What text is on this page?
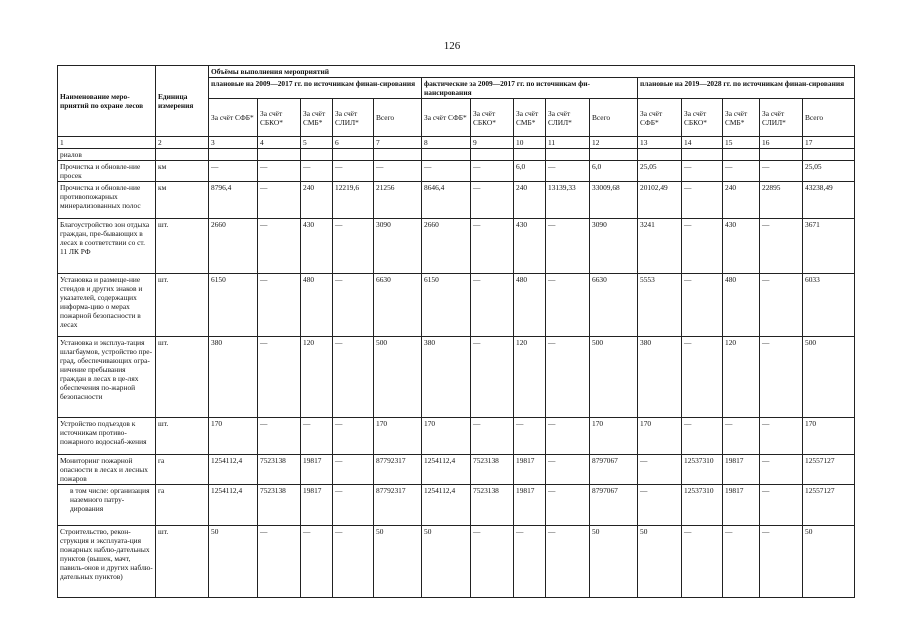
126
Наименование меро-приятий по охране лесов	Единица измерения	Объёмы выполнения мероприятий														
		плановые на 2009—2017 гг. по источникам финан-сирования					фактические за 2009—2017 гг. по источникам фи-нансирования					плановые на 2019—2028 гг. по источникам финан-сирования				
		За счёт СФБ*	За счёт СБКО*	За счёт СМБ*	За счёт СЛИЛ*	Всего	За счёт СФБ*	За счёт СБКО*	За счёт СМБ*	За счёт СЛИЛ*	Всего	За счёт СФБ*	За счёт СБКО*	За счёт СМБ*	За счёт СЛИЛ*	Всего
1	2	3	4	5	6	7	8	9	10	11	12	13	14	15	16	17
риалов																
Прочистка и обновле-ние просек	км	—	—	—	—	—	—	—	6,0	—	6,0	25,05	—	—	—	25,05
Прочистка и обновле-ние противопожарных минерализованных полос	км	8796,4	—	240	12219,6	21256	8646,4	—	240	13139,33	33009,68	20102,49	—	240	22895	43238,49
Благоустройство зон отдыха граждан, пре-бывающих в лесах в соответствии со ст. 11 ЛК РФ	шт.	2660	—	430	—	3090	2660	—	430	—	3090	3241	—	430	—	3671
Установка и размеще-ние стендов и других знаков и указателей, содержащих информа-цию о мерах пожарной безопасности в лесах	шт.	6150	—	480	—	6630	6150	—	480	—	6630	5553	—	480	—	6033
Установка и эксплуа-тация шлагбаумов, устройство пре-град, обеспечивающих огра-ничение пребывания граждан в лесах в це-лях обеспечения по-жарной безопасности	шт.	380	—	120	—	500	380	—	120	—	500	380	—	120	—	500
Устройство подъездов к источникам противо-пожарного водоснаб-жения	шт.	170	—	—	—	170	170	—	—	—	170	170	—	—	—	170
Мониторинг пожарной опасности в лесах и лесных пожаров	га	1254112,4	7523138	19817	—	87792317	1254112,4	7523138	19817	—	8797067	—	12537310	19817	—	12557127
в том числе: организация наземного патру-дирования	га	1254112,4	7523138	19817	—	87792317	1254112,4	7523138	19817	—	8797067	—	12537310	19817	—	12557127
Строительство, рекон-струкция и эксплуата-ция пожарных наблю-дательных пунктов (вышек, мачт, павиль-онов и других наблю-дательных пунктов)	шт.	50	—	—	—	50	50	—	—	—	50	50	—	—	—	50
